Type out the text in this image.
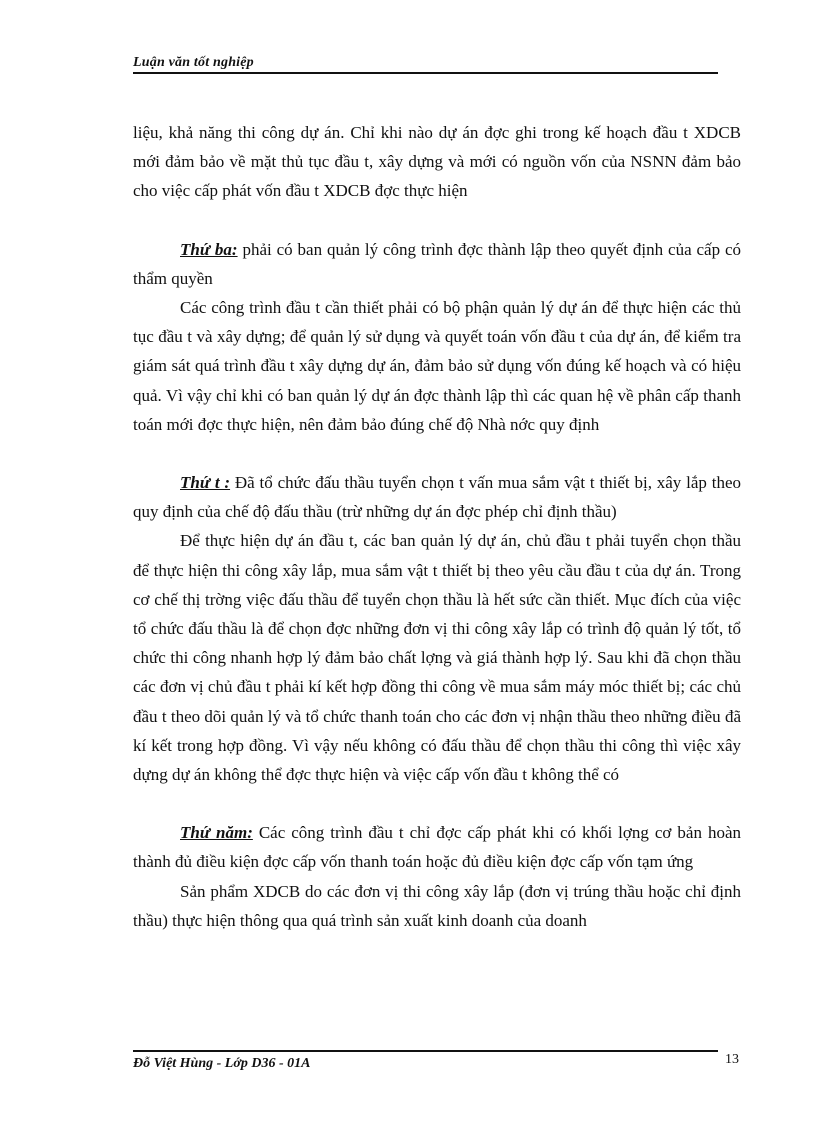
Luận văn tốt nghiệp

liệu, khả năng thi công dự án. Chỉ khi nào dự án đợc ghi trong kế hoạch đầu t XDCB mới đảm bảo về mặt thủ tục đầu t, xây dựng và mới có nguồn vốn của NSNN đảm bảo cho việc cấp phát vốn đầu t XDCB đợc thực hiện

Thứ ba: phải có ban quản lý công trình đợc thành lập theo quyết định của cấp có thẩm quyền

Các công trình đầu t cần thiết phải có bộ phận quản lý dự án để thực hiện các thủ tục đầu t và xây dựng; để quản lý sử dụng và quyết toán vốn đầu t của dự án, để kiểm tra giám sát quá trình đầu t xây dựng dự án, đảm bảo sử dụng vốn đúng kế hoạch và có hiệu quả. Vì vậy chỉ khi có ban quản lý dự án đợc thành lập thì các quan hệ về phân cấp thanh toán mới đợc thực hiện, nên đảm bảo đúng chế độ Nhà nớc quy định

Thứ t : Đã tổ chức đấu thầu tuyển chọn t vấn mua sắm vật t thiết bị, xây lắp theo quy định của chế độ đấu thầu (trừ những dự án đợc phép chỉ định thầu)

Để thực hiện dự án đầu t, các ban quản lý dự án, chủ đầu t phải tuyển chọn thầu để thực hiện thi công xây lắp, mua sắm vật t thiết bị theo yêu cầu đầu t của dự án. Trong cơ chế thị trờng việc đấu thầu để tuyển chọn thầu là hết sức cần thiết. Mục đích của việc tổ chức đấu thầu là để chọn đợc những đơn vị thi công xây lắp có trình độ quản lý tốt, tổ chức thi công nhanh hợp lý đảm bảo chất lợng và giá thành hợp lý. Sau khi đã chọn thầu các đơn vị chủ đầu t phải kí kết hợp đồng thi công về mua sắm máy móc thiết bị; các chủ đầu t theo dõi quản lý và tổ chức thanh toán cho các đơn vị nhận thầu theo những điều đã kí kết trong hợp đồng. Vì vậy nếu không có đấu thầu để chọn thầu thi công thì việc xây dựng dự án không thể đợc thực hiện và việc cấp vốn đầu t không thể có

Thứ năm: Các công trình đầu t chỉ đợc cấp phát khi có khối lợng cơ bản hoàn thành đủ điều kiện đợc cấp vốn thanh toán hoặc đủ điều kiện đợc cấp vốn tạm ứng

Sản phẩm XDCB do các đơn vị thi công xây lắp (đơn vị trúng thầu hoặc chỉ định thầu) thực hiện thông qua quá trình sản xuất kinh doanh của doanh

Đỗ Việt Hùng - Lớp D36 - 01A	13
